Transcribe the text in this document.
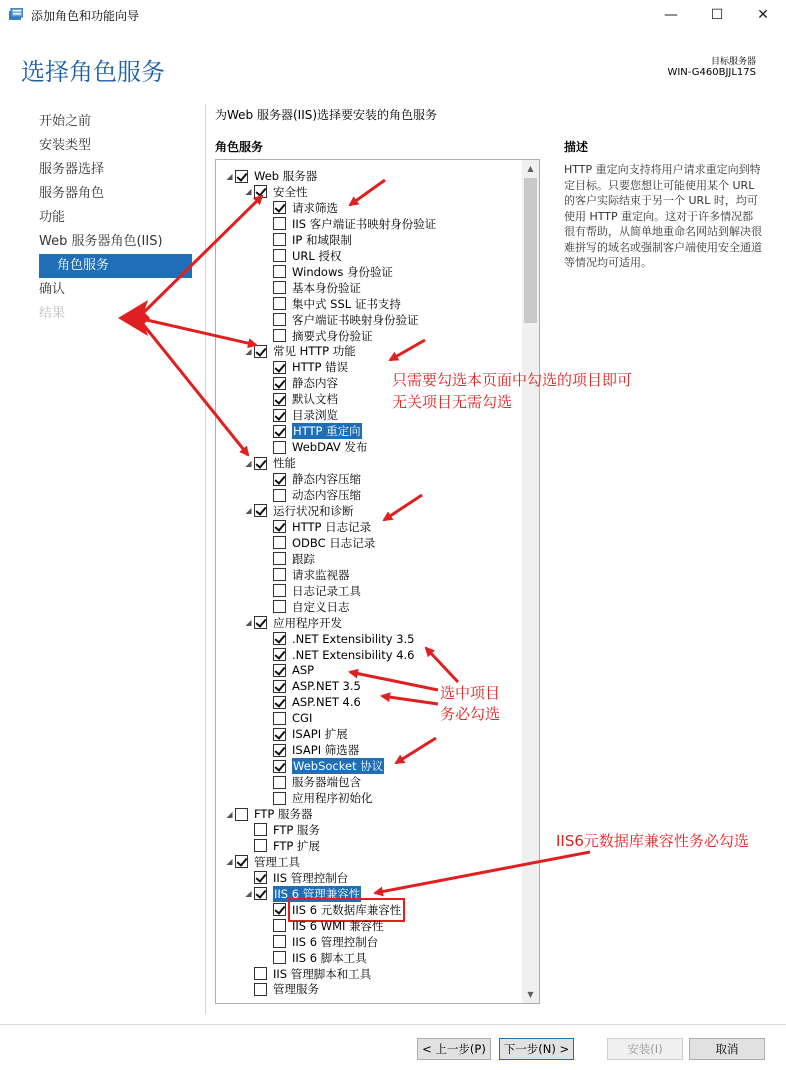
添加角色和功能向导	— ☐ ✕
选择角色服务	目标服务器
WIN-G460BJJL17S
开始之前
安装类型
服务器选择
服务器角色
功能
Web 服务器角色(IIS)
角色服务
确认
结果
为Web 服务器(IIS)选择要安装的角色服务
角色服务	描述
HTTP 重定向支持将用户请求重定向到特定目标。只要您想让可能使用某个 URL 的客户实际结束于另一个 URL 时，均可使用 HTTP 重定向。这对于许多情况都很有帮助，从简单地重命名网站到解决很难拼写的域名或强制客户端使用安全通道等情况均可适用。
▲
▼
◢ Web 服务器
◢ 安全性
请求筛选
IIS 客户端证书映射身份验证
IP 和域限制
URL 授权
Windows 身份验证
基本身份验证
集中式 SSL 证书支持
客户端证书映射身份验证
摘要式身份验证
◢ 常见 HTTP 功能
HTTP 错误
静态内容
默认文档
目录浏览
HTTP 重定向
WebDAV 发布
◢ 性能
静态内容压缩
动态内容压缩
◢ 运行状况和诊断
HTTP 日志记录
ODBC 日志记录
跟踪
请求监视器
日志记录工具
自定义日志
◢ 应用程序开发
.NET Extensibility 3.5
.NET Extensibility 4.6
ASP
ASP.NET 3.5
ASP.NET 4.6
CGI
ISAPI 扩展
ISAPI 筛选器
WebSocket 协议
服务器端包含
应用程序初始化
◢ FTP 服务器
FTP 服务
FTP 扩展
◢ 管理工具
IIS 管理控制台
◢ IIS 6 管理兼容性
IIS 6 元数据库兼容性
IIS 6 WMI 兼容性
IIS 6 管理控制台
IIS 6 脚本工具
IIS 管理脚本和工具
管理服务
只需要勾选本页面中勾选的项目即可
无关项目无需勾选
选中项目
务必勾选
IIS6元数据库兼容性务必勾选
< 上一步(P)	下一步(N) >	安装(I)	取消
